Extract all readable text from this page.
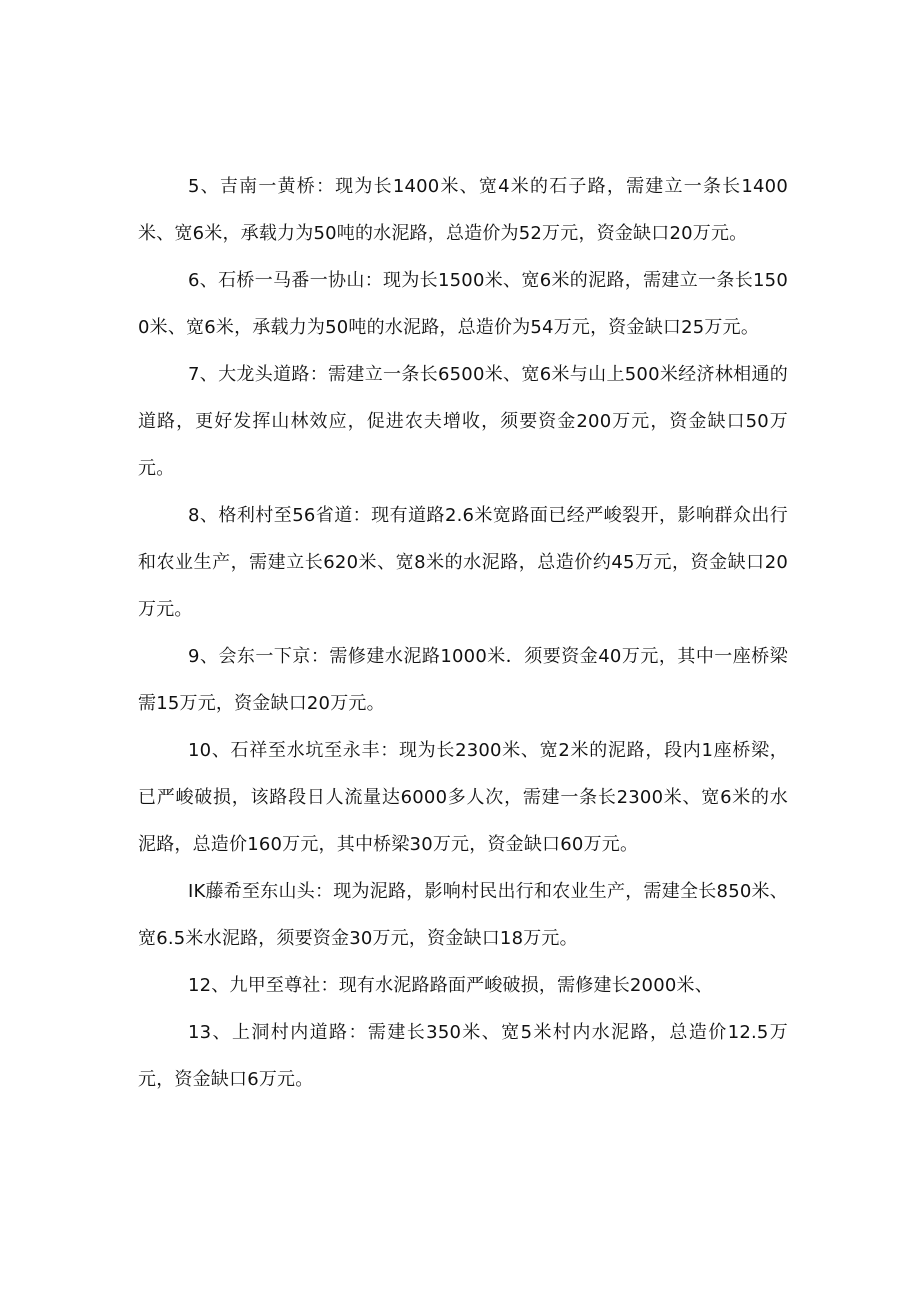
5、吉南一黄桥：现为长1400米、宽4米的石子路，需建立一条长1400米、宽6米，承载力为50吨的水泥路，总造价为52万元，资金缺口20万元。

6、石桥一马番一协山：现为长1500米、宽6米的泥路，需建立一条长1500米、宽6米，承载力为50吨的水泥路，总造价为54万元，资金缺口25万元。

7、大龙头道路：需建立一条长6500米、宽6米与山上500米经济林相通的道路，更好发挥山林效应，促进农夫增收，须要资金200万元，资金缺口50万元。

8、格利村至56省道：现有道路2.6米宽路面已经严峻裂开，影响群众出行和农业生产，需建立长620米、宽8米的水泥路，总造价约45万元，资金缺口20万元。

9、会东一下京：需修建水泥路1000米．须要资金40万元，其中一座桥梁需15万元，资金缺口20万元。

10、石祥至水坑至永丰：现为长2300米、宽2米的泥路，段内1座桥梁，已严峻破损，该路段日人流量达6000多人次，需建一条长2300米、宽6米的水泥路，总造价160万元，其中桥梁30万元，资金缺口60万元。

IK藤希至东山头：现为泥路，影响村民出行和农业生产，需建全长850米、宽6.5米水泥路，须要资金30万元，资金缺口18万元。

12、九甲至尊社：现有水泥路路面严峻破损，需修建长2000米、

13、上洞村内道路：需建长350米、宽5米村内水泥路，总造价12.5万元，资金缺口6万元。
